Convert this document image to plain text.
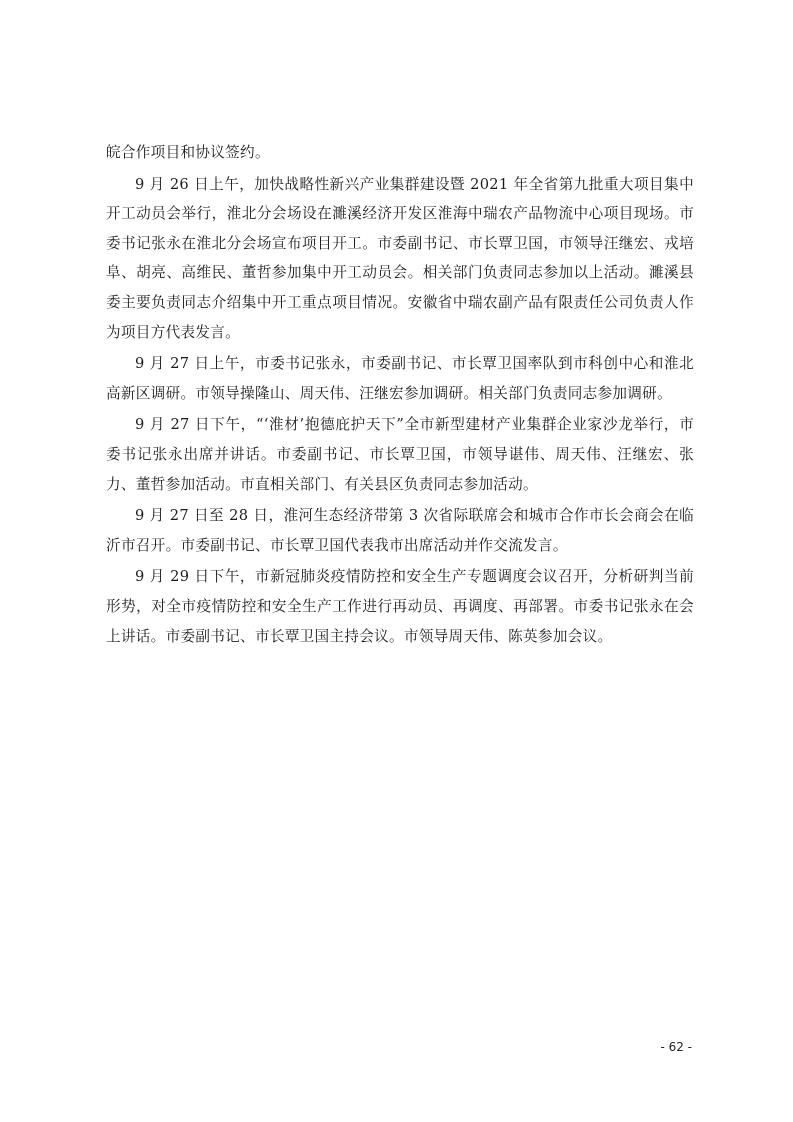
皖合作项目和协议签约。

9 月 26 日上午，加快战略性新兴产业集群建设暨 2021 年全省第九批重大项目集中开工动员会举行，淮北分会场设在濉溪经济开发区淮海中瑞农产品物流中心项目现场。市委书记张永在淮北分会场宣布项目开工。市委副书记、市长覃卫国，市领导汪继宏、戎培阜、胡亮、高维民、董哲参加集中开工动员会。相关部门负责同志参加以上活动。濉溪县委主要负责同志介绍集中开工重点项目情况。安徽省中瑞农副产品有限责任公司负责人作为项目方代表发言。

9 月 27 日上午，市委书记张永，市委副书记、市长覃卫国率队到市科创中心和淮北高新区调研。市领导操隆山、周天伟、汪继宏参加调研。相关部门负责同志参加调研。

9 月 27 日下午，“‘淮材’抱德庇护天下”全市新型建材产业集群企业家沙龙举行，市委书记张永出席并讲话。市委副书记、市长覃卫国，市领导谌伟、周天伟、汪继宏、张力、董哲参加活动。市直相关部门、有关县区负责同志参加活动。

9 月 27 日至 28 日，淮河生态经济带第 3 次省际联席会和城市合作市长会商会在临沂市召开。市委副书记、市长覃卫国代表我市出席活动并作交流发言。

9 月 29 日下午，市新冠肺炎疫情防控和安全生产专题调度会议召开，分析研判当前形势，对全市疫情防控和安全生产工作进行再动员、再调度、再部署。市委书记张永在会上讲话。市委副书记、市长覃卫国主持会议。市领导周天伟、陈英参加会议。

- 62 -
